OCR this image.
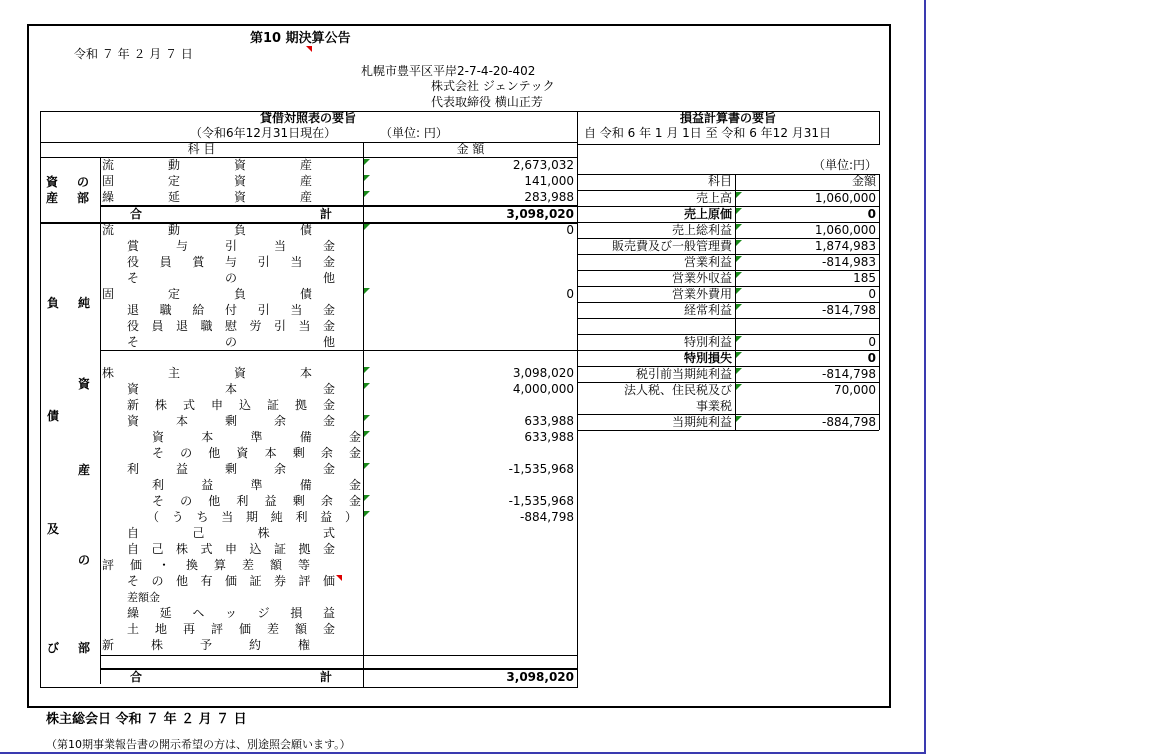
第10 期決算公告
令和 ７ 年 ２ 月 ７ 日
札幌市豊平区平岸2-7-4-20-402
株式会社 ジェンテック
代表取締役 横山正芳
貸借対照表の要旨
（令和6年12月31日現在）	（単位: 円）
科 目	金 額
資 の
産 部
流動資産	2,673,032
固定資産	141,000
繰延資産	283,988
合	計	3,098,020
負 純
資
債
産
及
の
び 部
流動負債	0
賞与引当金
役員賞与引当金
その他
固定負債	0
退職給付引当金
役員退職慰労引当金
その他
株主資本	3,098,020
資本金	4,000,000
新株式申込証拠金
資本剰余金	633,988
資本準備金	633,988
その他資本剰余金
利益剰余金	-1,535,968
利益準備金
その他利益剰余金	-1,535,968
（うち当期純利益）	-884,798
自己株式
自己株式申込証拠金
評価・換算差額等
その他有価証券評価
差額金
繰延ヘッジ損益
土地再評価差額金
新株予約権
合	計	3,098,020
損益計算書の要旨
自 令和 6 年 1 月 1日 至 令和 6 年12 月31日
（単位:円）
科目	金額
売上高	1,060,000
売上原価	0
売上総利益	1,060,000
販売費及び一般管理費	1,874,983
営業利益	-814,983
営業外収益	185
営業外費用	0
経常利益	-814,798
特別利益	0
特別損失	0
税引前当期純利益	-814,798
法人税、住民税及び	70,000
事業税
当期純利益	-884,798
株主総会日 令和 ７ 年 ２ 月 ７ 日
（第10期事業報告書の開示希望の方は、別途照会願います。）
